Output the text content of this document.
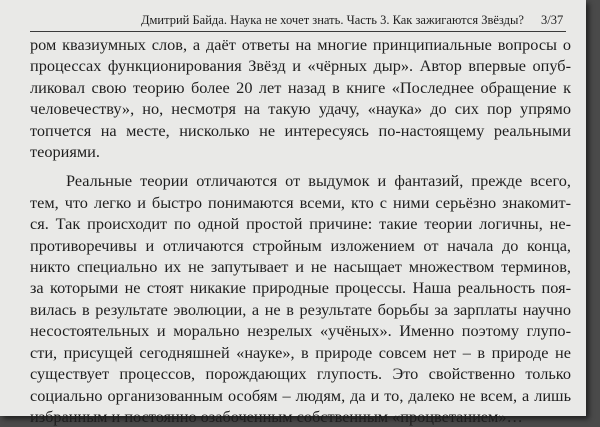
Дмитрий Байда. Наука не хочет знать. Часть 3. Как зажигаются Звёзды? 3/37

ром квазиумных слов, а даёт ответы на многие принципиальные вопросы о
процессах функционирования Звёзд и «чёрных дыр». Автор впервые опуб-
ликовал свою теорию более 20 лет назад в книге «Последнее обращение к
человечеству», но, несмотря на такую удачу, «наука» до сих пор упрямо
топчется на месте, нисколько не интересуясь по-настоящему реальными
теориями.

Реальные теории отличаются от выдумок и фантазий, прежде всего,
тем, что легко и быстро понимаются всеми, кто с ними серьёзно знакомит-
ся. Так происходит по одной простой причине: такие теории логичны, не-
противоречивы и отличаются стройным изложением от начала до конца,
никто специально их не запутывает и не насыщает множеством терминов,
за которыми не стоят никакие природные процессы. Наша реальность поя-
вилась в результате эволюции, а не в результате борьбы за зарплаты научно
несостоятельных и морально незрелых «учёных». Именно поэтому глупо-
сти, присущей сегодняшней «науке», в природе совсем нет – в природе не
существует процессов, порождающих глупость. Это свойственно только
социально организованным особям – людям, да и то, далеко не всем, а лишь
избранным и постоянно озабоченным собственным «процветанием»…
